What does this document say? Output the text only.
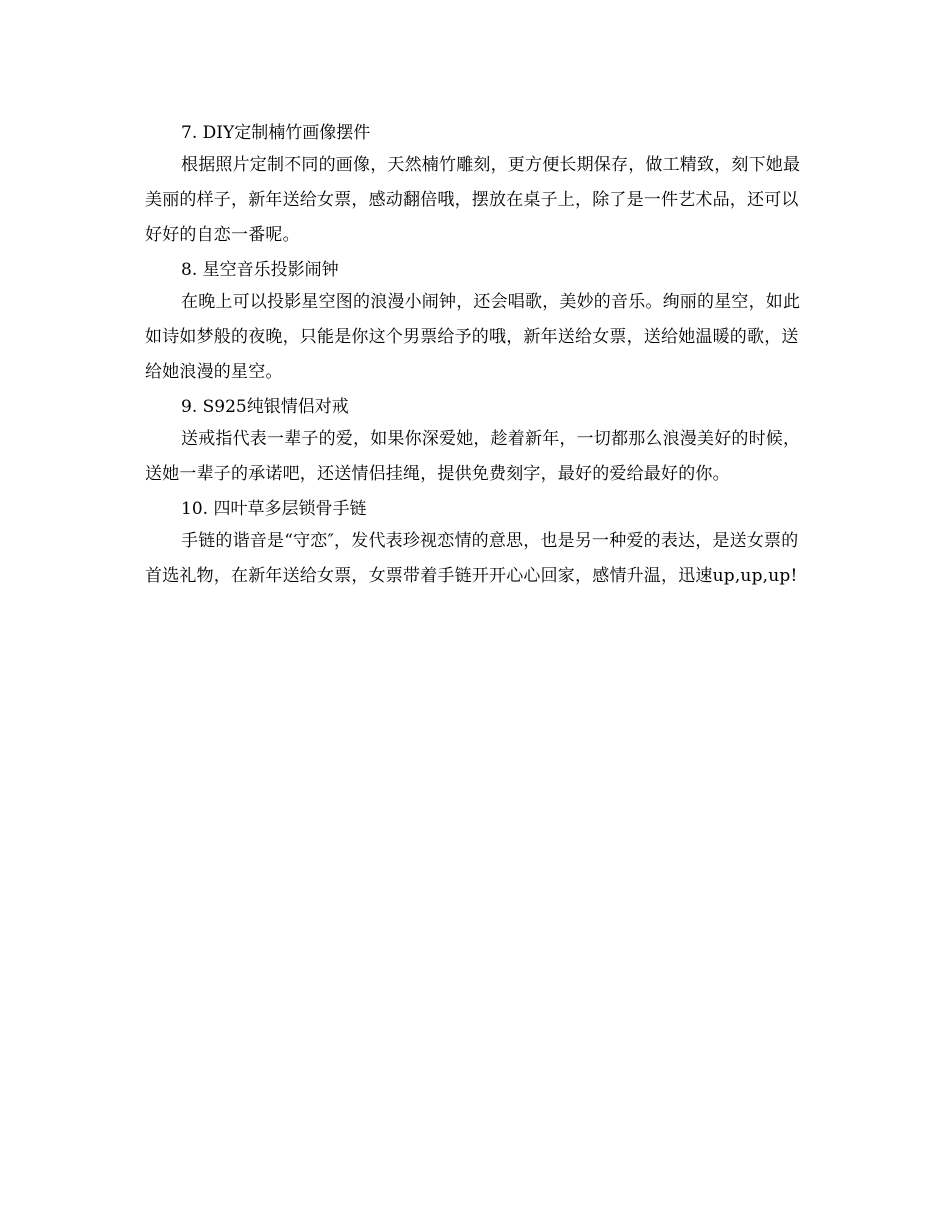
7. DIY定制楠竹画像摆件

根据照片定制不同的画像，天然楠竹雕刻，更方便长期保存，做工精致，刻下她最美丽的样子，新年送给女票，感动翻倍哦，摆放在桌子上，除了是一件艺术品，还可以好好的自恋一番呢。

8. 星空音乐投影闹钟

在晚上可以投影星空图的浪漫小闹钟，还会唱歌，美妙的音乐。绚丽的星空，如此如诗如梦般的夜晚，只能是你这个男票给予的哦，新年送给女票，送给她温暖的歌，送给她浪漫的星空。

9. S925纯银情侣对戒

送戒指代表一辈子的爱，如果你深爱她，趁着新年，一切都那么浪漫美好的时候，送她一辈子的承诺吧，还送情侣挂绳，提供免费刻字，最好的爱给最好的你。

10. 四叶草多层锁骨手链

手链的谐音是“守恋″，发代表珍视恋情的意思，也是另一种爱的表达，是送女票的首选礼物，在新年送给女票，女票带着手链开开心心回家，感情升温，迅速up,up,up!
